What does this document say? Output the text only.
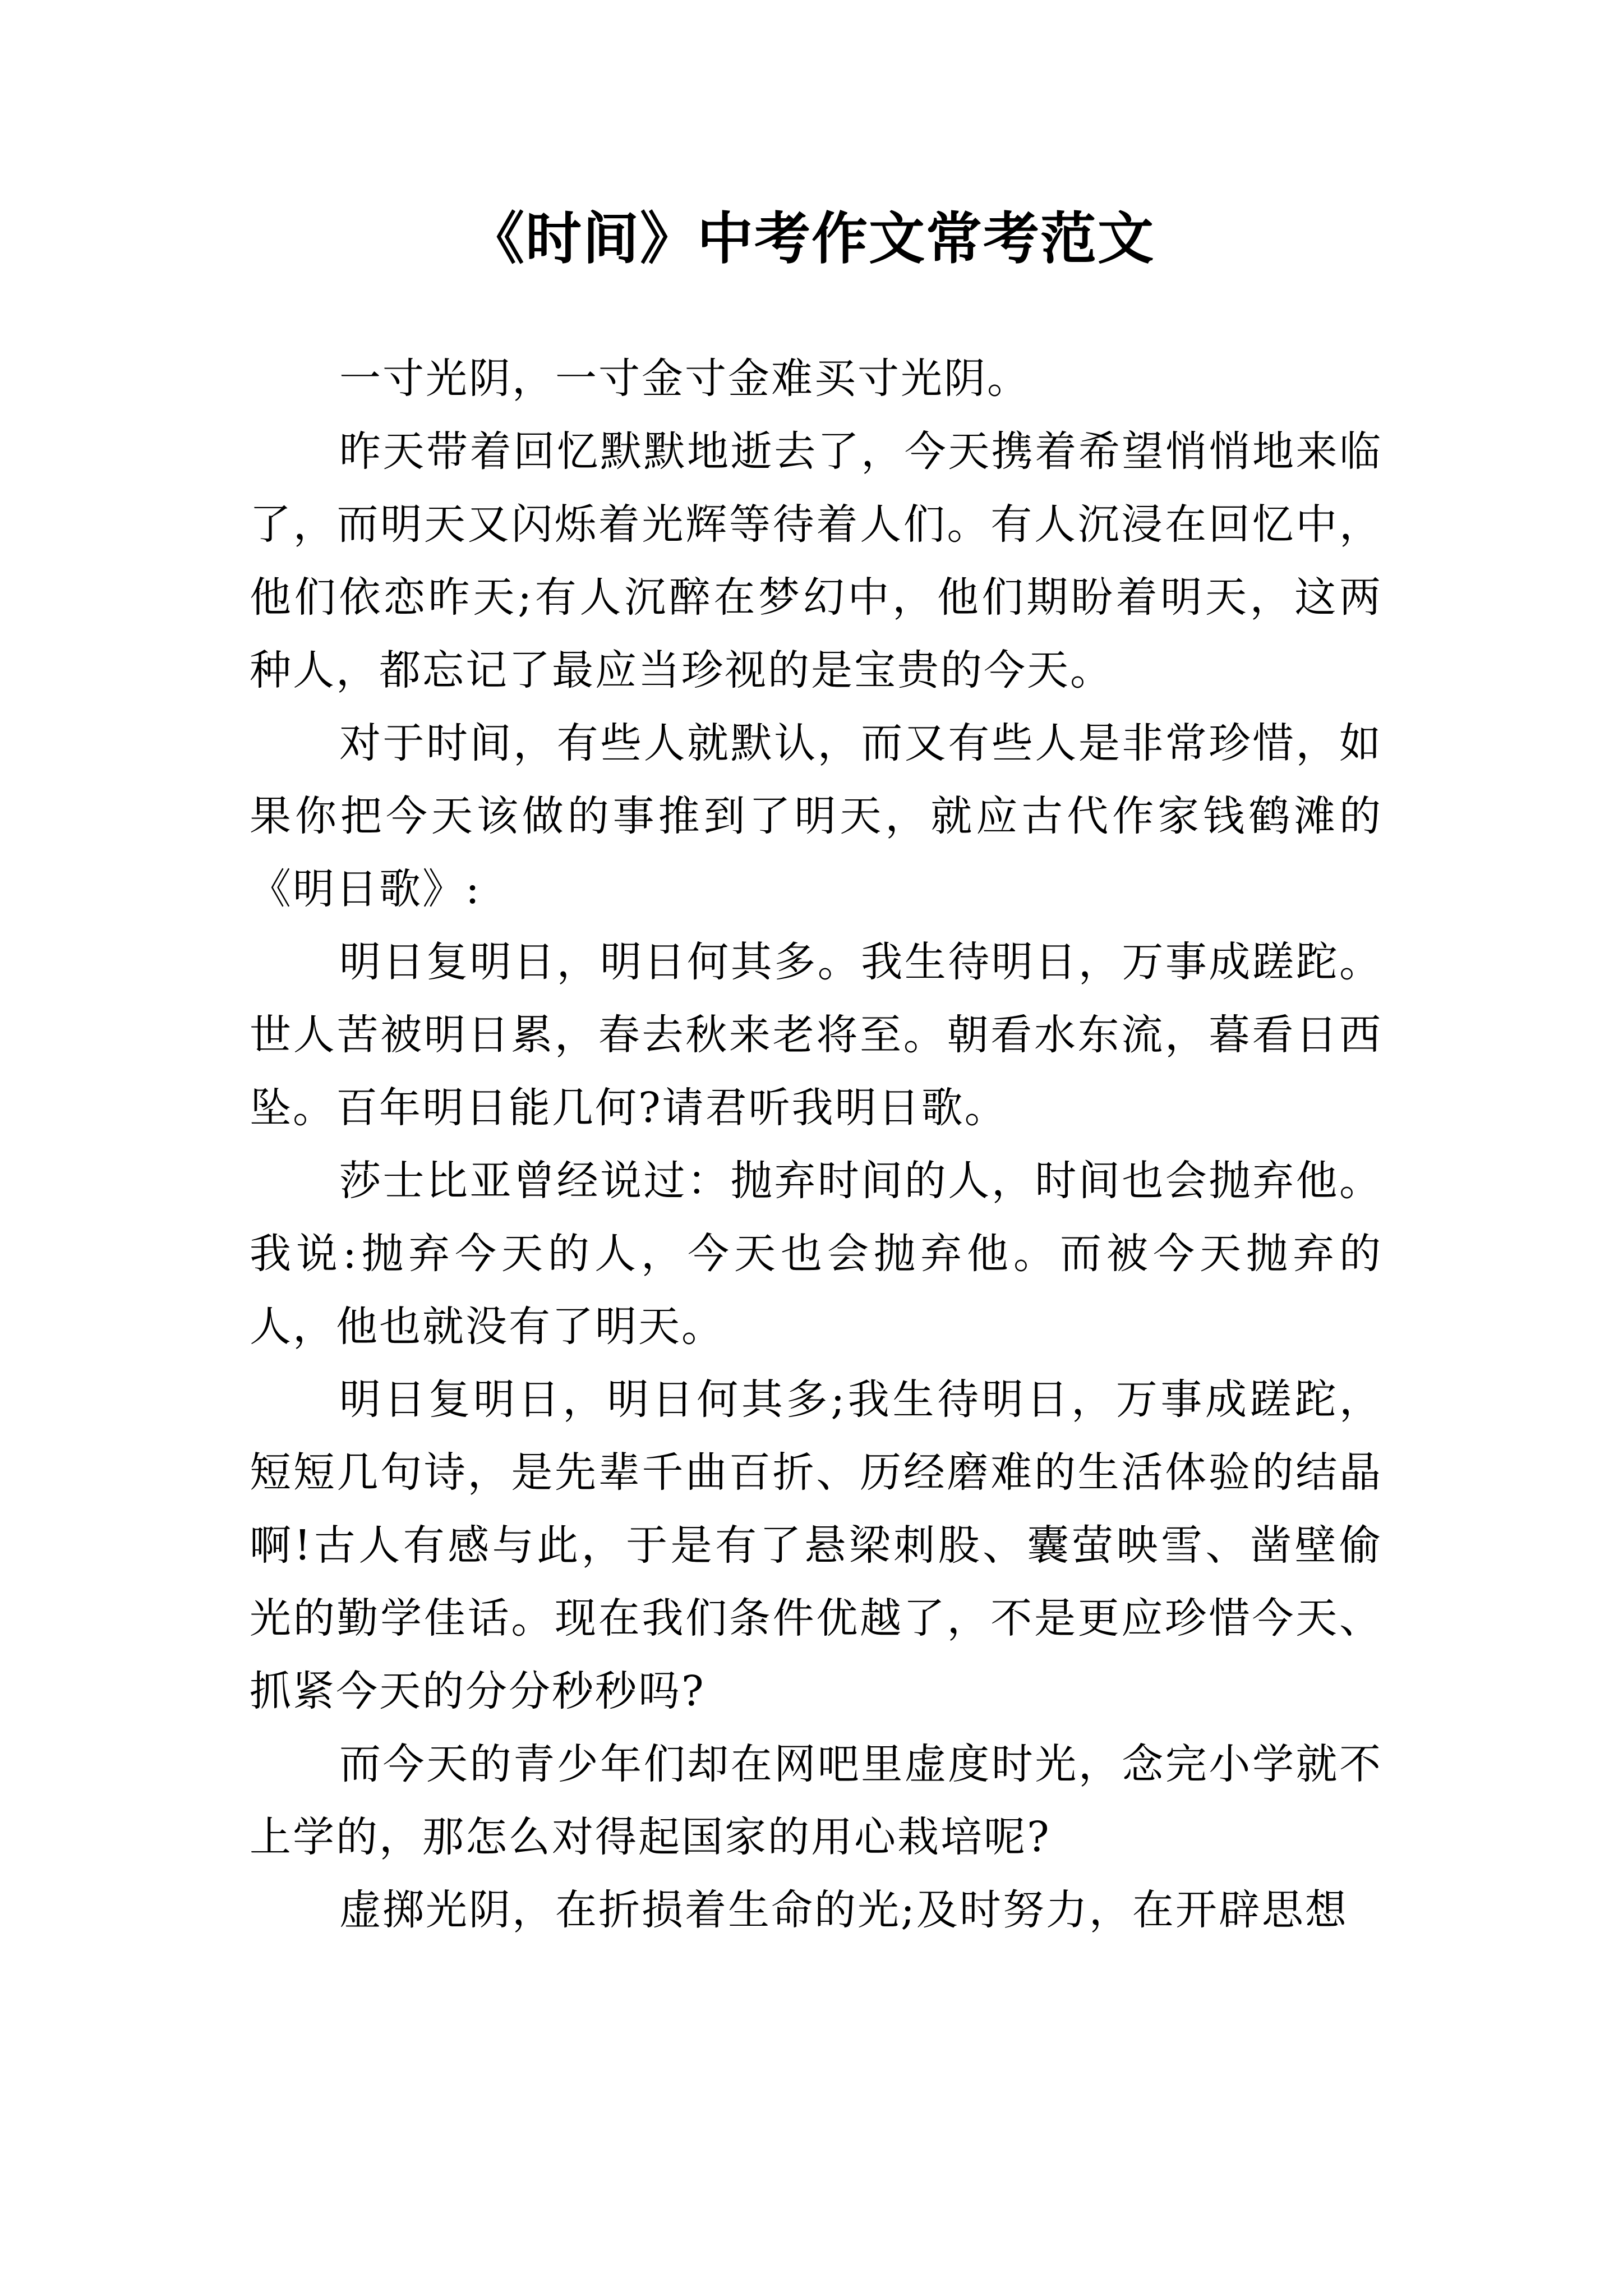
《时间》中考作文常考范文

一寸光阴，一寸金寸金难买寸光阴。

昨天带着回忆默默地逝去了，今天携着希望悄悄地来临了，而明天又闪烁着光辉等待着人们。有人沉浸在回忆中，他们依恋昨天;有人沉醉在梦幻中，他们期盼着明天，这两种人，都忘记了最应当珍视的是宝贵的今天。

对于时间，有些人就默认，而又有些人是非常珍惜，如果你把今天该做的事推到了明天，就应古代作家钱鹤滩的《明日歌》:

明日复明日，明日何其多。我生待明日，万事成蹉跎。世人苦被明日累，春去秋来老将至。朝看水东流，暮看日西坠。百年明日能几何?请君听我明日歌。

莎士比亚曾经说过：抛弃时间的人，时间也会抛弃他。我说:抛弃今天的人，今天也会抛弃他。而被今天抛弃的人，他也就没有了明天。

明日复明日，明日何其多;我生待明日，万事成蹉跎，短短几句诗，是先辈千曲百折、历经磨难的生活体验的结晶啊!古人有感与此，于是有了悬梁刺股、囊萤映雪、凿壁偷光的勤学佳话。现在我们条件优越了，不是更应珍惜今天、抓紧今天的分分秒秒吗?

而今天的青少年们却在网吧里虚度时光，念完小学就不上学的，那怎么对得起国家的用心栽培呢?

虚掷光阴，在折损着生命的光;及时努力，在开辟思想
